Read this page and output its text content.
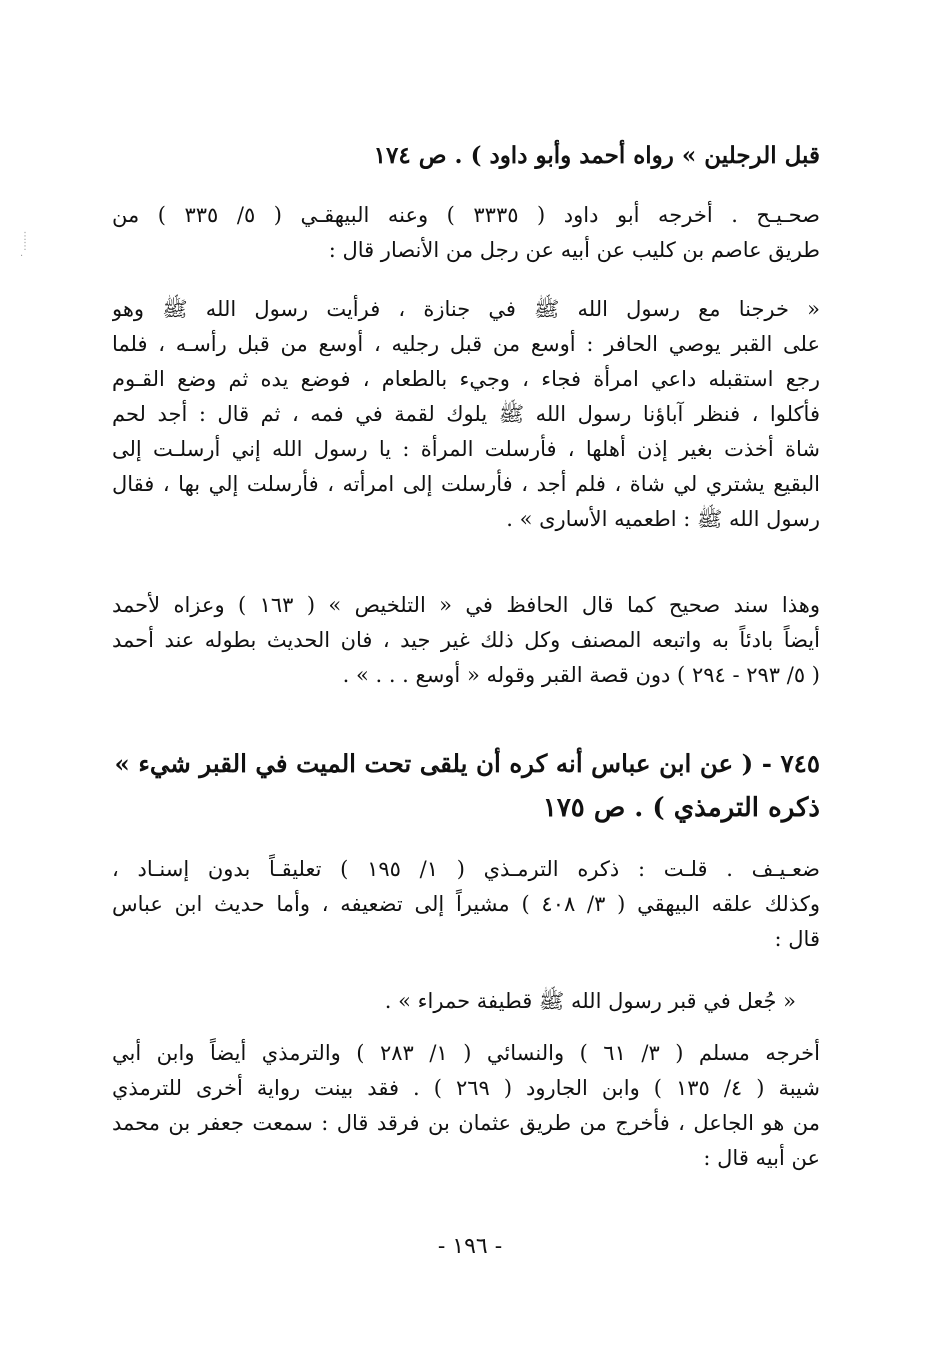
⋮
⋮
·
قبل الرجلين » رواه أحمد وأبو داود ) . ص ١٧٤
صحـيـح . أخرجه أبو داود ( ٣٣٣٥ ) وعنه البيهقـي ( ٥/ ٣٣٥ ) من
طريق عاصم بن كليب عن أبيه عن رجل من الأنصار قال :
« خرجنا مع رسول الله ﷺ في جنازة ، فرأيت رسول الله ﷺ وهو
على القبر يوصي الحافر : أوسع من قبل رجليه ، أوسع من قبل رأسـه ، فلما
رجع استقبله داعي امرأة فجاء ، وجيء بالطعام ، فوضع يده ثم وضع القـوم
فأكلوا ، فنظر آباؤنا رسول الله ﷺ يلوك لقمة في فمه ، ثم قال : أجد لحم
شاة أخذت بغير إذن أهلها ، فأرسلت المرأة : يا رسول الله إني أرسلـت إلى
البقيع يشتري لي شاة ، فلم أجد ، فأرسلت إلى امرأته ، فأرسلت إلي بها ، فقال
رسول الله ﷺ : اطعميه الأسارى » .
وهذا سند صحيح كما قال الحافظ في « التلخيص » ( ١٦٣ ) وعزاه لأحمد
أيضاً بادئاً به واتبعه المصنف وكل ذلك غير جيد ، فان الحديث بطوله عند أحمد
( ٥/ ٢٩٣ - ٢٩٤ ) دون قصة القبر وقوله « أوسع . . . » .
٧٤٥ - ( عن ابن عباس أنه كره أن يلقى تحت الميت في القبر شيء »
ذكره الترمذي ) . ص ١٧٥
ضعـيـف . قلـت : ذكره الترمـذي ( ١/ ١٩٥ ) تعليقـاً بدون إسنـاد ،
وكذلك علقه البيهقي ( ٣/ ٤٠٨ ) مشيراً إلى تضعيفه ، وأما حديث ابن عباس
قال :
« جُعل في قبر رسول الله ﷺ قطيفة حمراء » .
أخرجه مسلم ( ٣/ ٦١ ) والنسائي ( ١/ ٢٨٣ ) والترمذي أيضاً وابن أبي
شيبة ( ٤/ ١٣٥ ) وابن الجارود ( ٢٦٩ ) . فقد بينت رواية أخرى للترمذي
من هو الجاعل ، فأخرج من طريق عثمان بن فرقد قال : سمعت جعفر بن محمد
عن أبيه قال :
- ١٩٦ -
